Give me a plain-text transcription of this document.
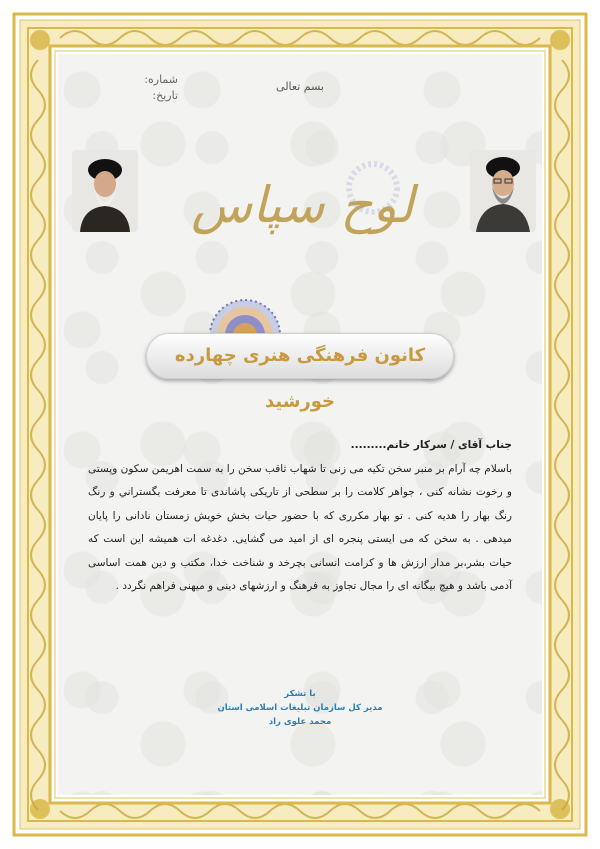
بسم تعالی
شماره:
تاریخ:
لوح سپاس
کانون فرهنگی هنری چهارده خورشید
جناب آقای / سرکار خانم.........
باسلام چه آرام بر منبر سخن تکیه می زنی تا شهاب ثاقب سخن را به سمت اهریمن سکون وپستی و رخوت نشانه کنی ، جواهر کلامت را بر سطحی از تاریکی پاشاندی تا معرفت بگستراني و رنگ رنگ بهار را هدیه کنی . تو بهار مکرری که با حضور حیات بخش خویش زمستان نادانی را پایان میدهی . به سخن که می ایستی پنجره ای از امید می گشایی. دغدغه ات همیشه این است که حیات بشر،بر مدار ارزش ها و کرامت انسانی بچرخد و شناخت خدا، مکتب و دین همت اساسی آدمی باشد و هیچ بیگانه ای را مجال تجاوز به فرهنگ و ارزشهای دینی و میهنی فراهم نگردد .
با تشکر
مدیر کل سازمان تبلیغات اسلامی استان
محمد علوی راد
